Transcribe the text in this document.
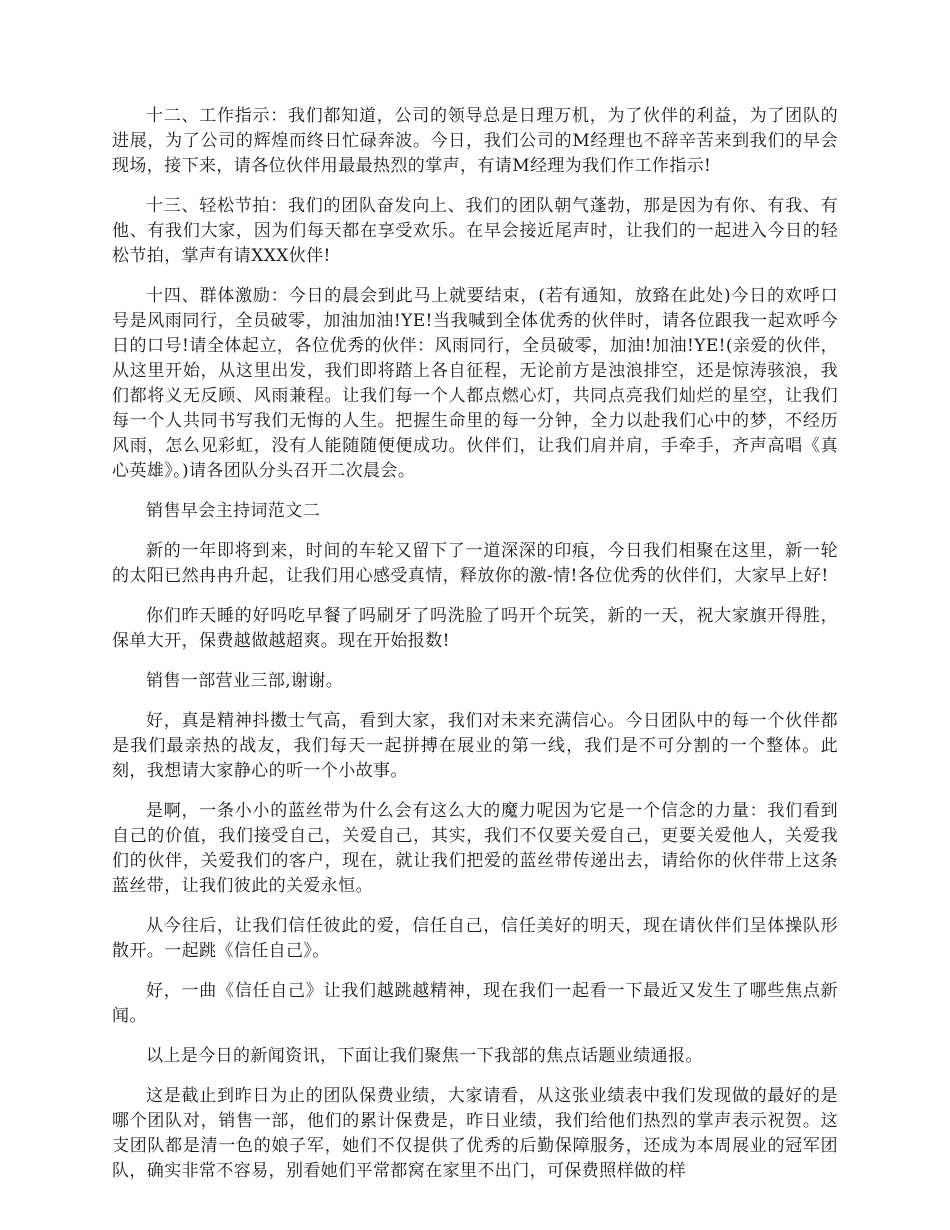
十二、工作指示：我们都知道，公司的领导总是日理万机，为了伙伴的利益，为了团队的进展，为了公司的辉煌而终日忙碌奔波。今日，我们公司的M经理也不辞辛苦来到我们的早会现场，接下来，请各位伙伴用最最热烈的掌声，有请M经理为我们作工作指示!

十三、轻松节拍：我们的团队奋发向上、我们的团队朝气蓬勃，那是因为有你、有我、有他、有我们大家，因为们每天都在享受欢乐。在早会接近尾声时，让我们的一起进入今日的轻松节拍，掌声有请XXX伙伴!

十四、群体激励：今日的晨会到此马上就要结束，(若有通知，放臵在此处)今日的欢呼口号是风雨同行，全员破零，加油加油!YE!当我喊到全体优秀的伙伴时，请各位跟我一起欢呼今日的口号!请全体起立，各位优秀的伙伴：风雨同行，全员破零，加油!加油!YE!(亲爱的伙伴，从这里开始，从这里出发，我们即将踏上各自征程，无论前方是浊浪排空，还是惊涛骇浪，我们都将义无反顾、风雨兼程。让我们每一个人都点燃心灯，共同点亮我们灿烂的星空，让我们每一个人共同书写我们无悔的人生。把握生命里的每一分钟，全力以赴我们心中的梦，不经历风雨，怎么见彩虹，没有人能随随便便成功。伙伴们，让我们肩并肩，手牵手，齐声高唱《真心英雄》。)请各团队分头召开二次晨会。

销售早会主持词范文二

新的一年即将到来，时间的车轮又留下了一道深深的印痕，今日我们相聚在这里，新一轮的太阳已然冉冉升起，让我们用心感受真情，释放你的激-情!各位优秀的伙伴们，大家早上好!

你们昨天睡的好吗吃早餐了吗刷牙了吗洗脸了吗开个玩笑，新的一天，祝大家旗开得胜，保单大开，保费越做越超爽。现在开始报数!

销售一部营业三部,谢谢。

好，真是精神抖擞士气高，看到大家，我们对未来充满信心。今日团队中的每一个伙伴都是我们最亲热的战友，我们每天一起拼搏在展业的第一线，我们是不可分割的一个整体。此刻，我想请大家静心的听一个小故事。

是啊，一条小小的蓝丝带为什么会有这么大的魔力呢因为它是一个信念的力量：我们看到自己的价值，我们接受自己，关爱自己，其实，我们不仅要关爱自己，更要关爱他人，关爱我们的伙伴，关爱我们的客户，现在，就让我们把爱的蓝丝带传递出去，请给你的伙伴带上这条蓝丝带，让我们彼此的关爱永恒。

从今往后，让我们信任彼此的爱，信任自己，信任美好的明天，现在请伙伴们呈体操队形散开。一起跳《信任自己》。

好，一曲《信任自己》让我们越跳越精神，现在我们一起看一下最近又发生了哪些焦点新闻。

以上是今日的新闻资讯，下面让我们聚焦一下我部的焦点话题业绩通报。

这是截止到昨日为止的团队保费业绩，大家请看，从这张业绩表中我们发现做的最好的是哪个团队对，销售一部，他们的累计保费是，昨日业绩，我们给他们热烈的掌声表示祝贺。这支团队都是清一色的娘子军，她们不仅提供了优秀的后勤保障服务，还成为本周展业的冠军团队，确实非常不容易，别看她们平常都窝在家里不出门，可保费照样做的样
